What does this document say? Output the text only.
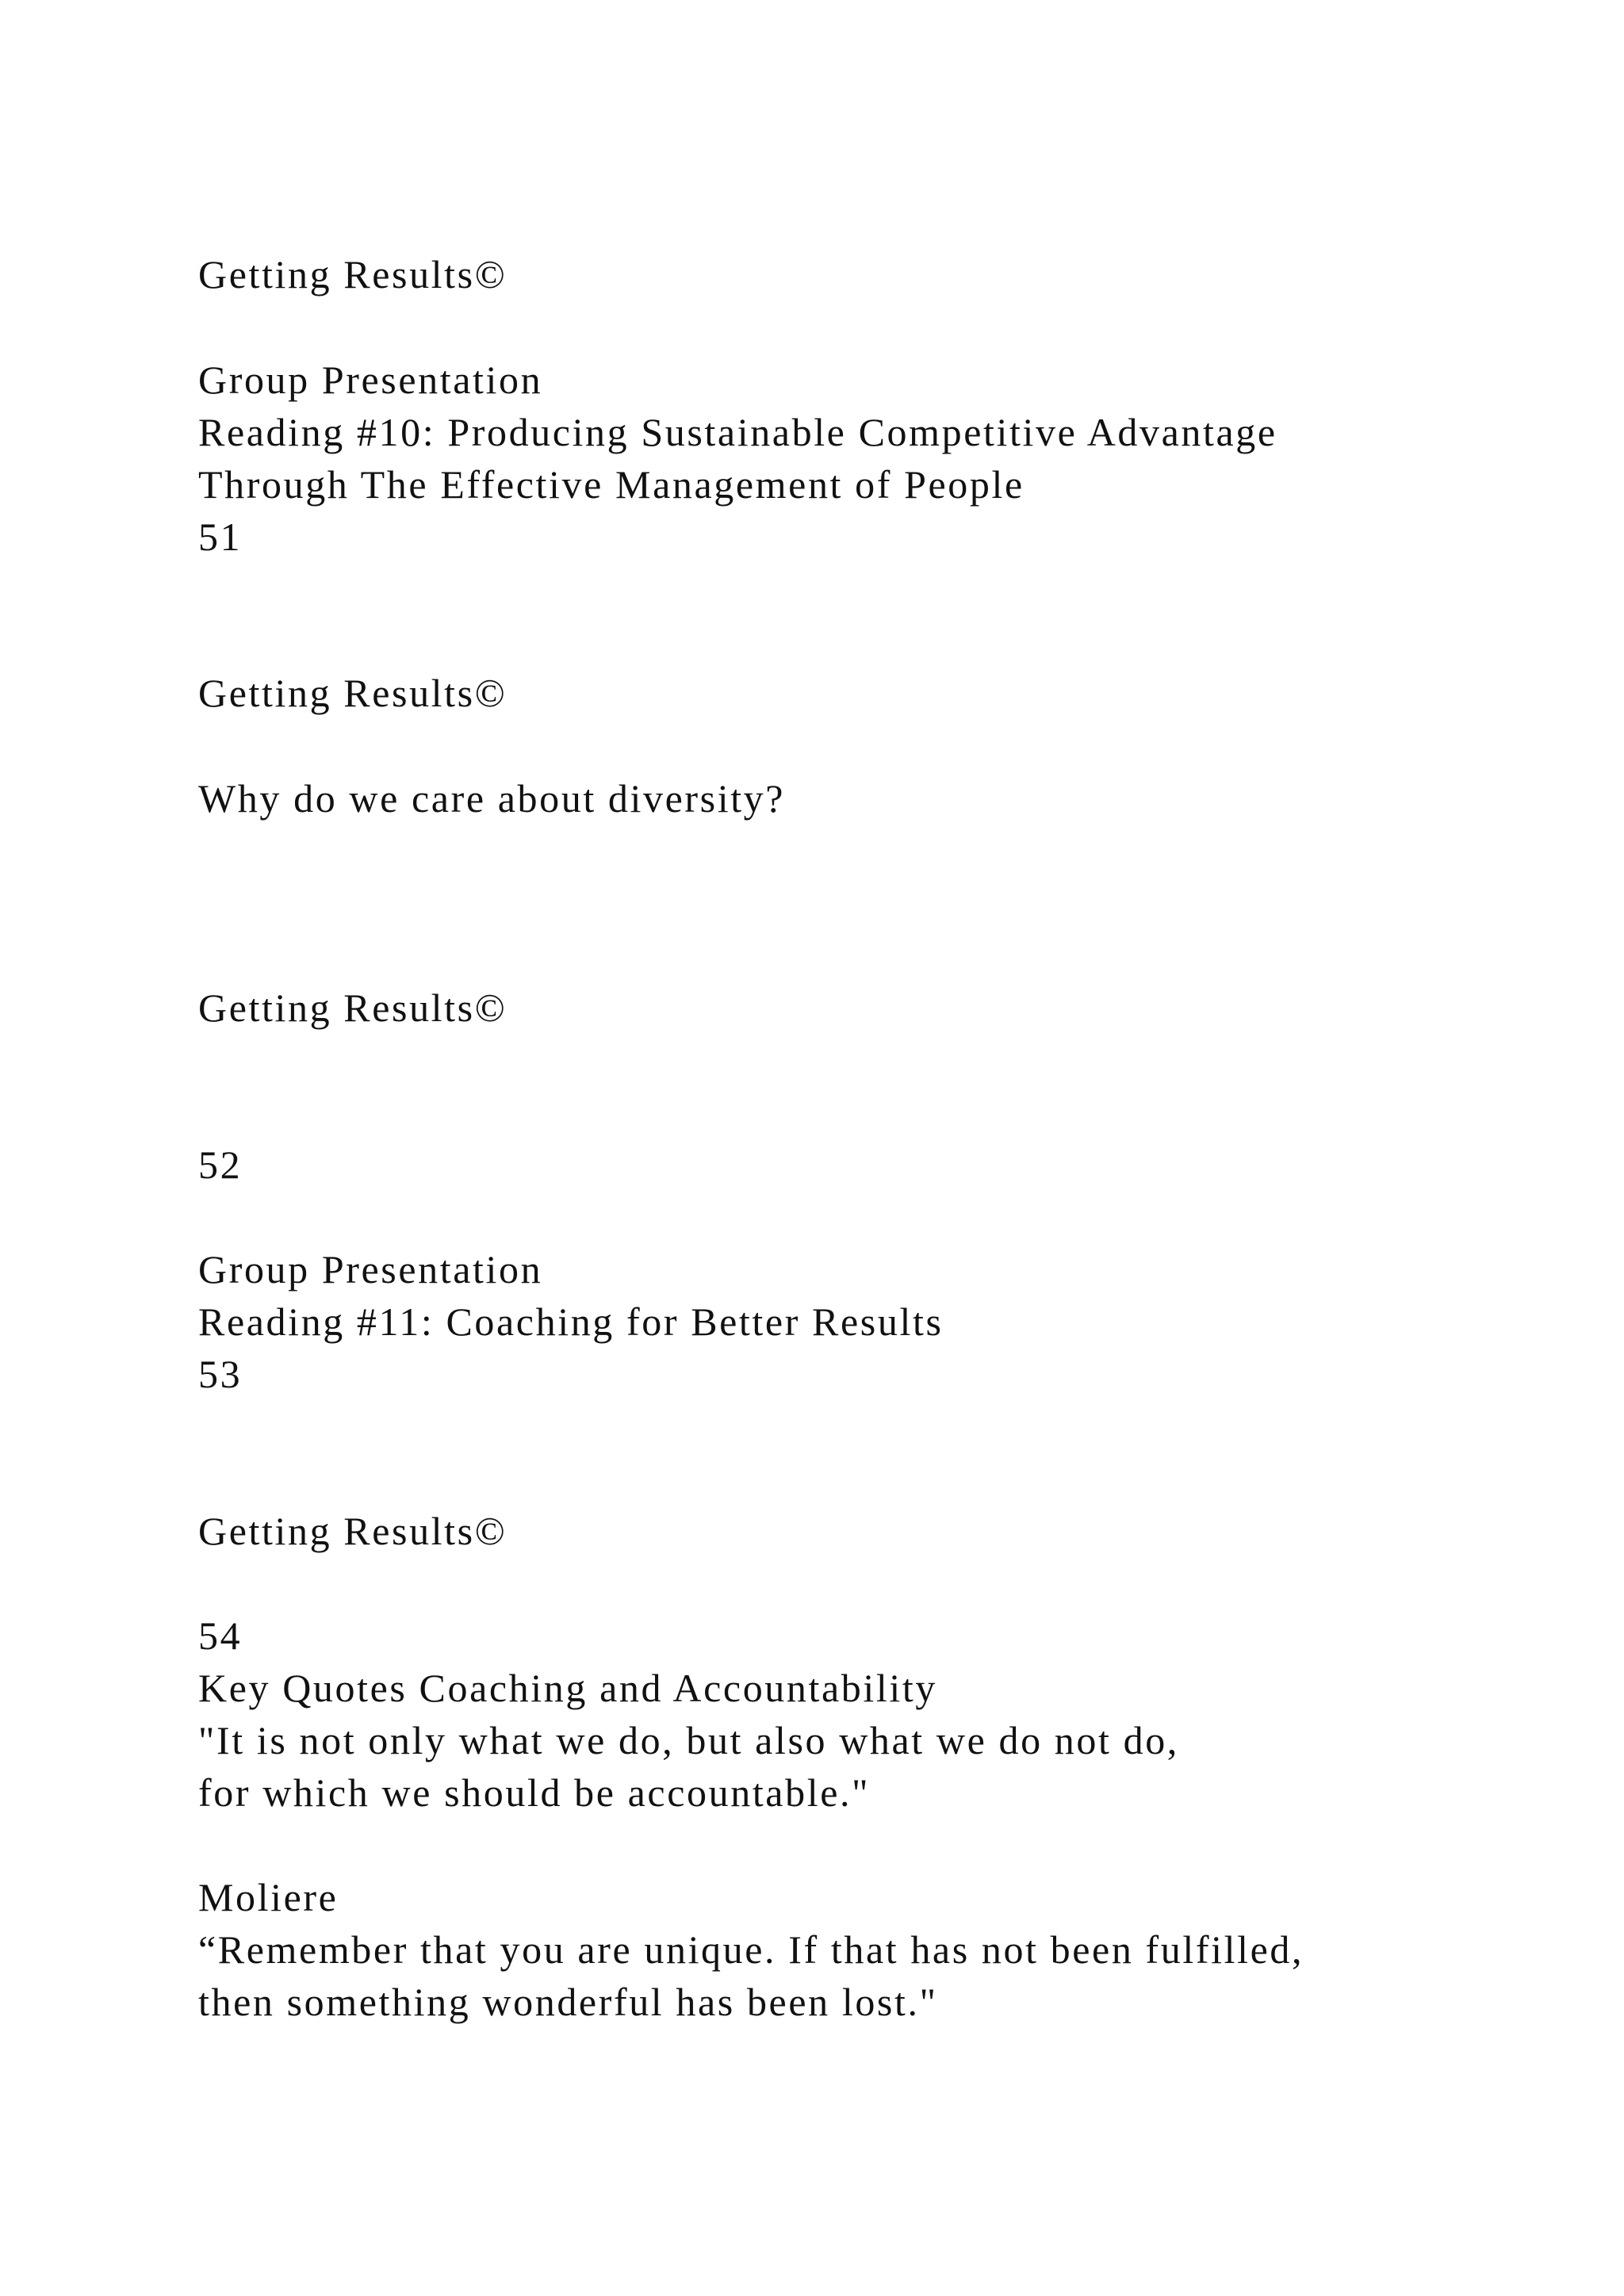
Getting Results©

Group Presentation

Reading #10: Producing Sustainable Competitive Advantage

Through The Effective Management of People

51

Getting Results©

Why do we care about diversity?

Getting Results©

52

Group Presentation

Reading #11: Coaching for Better Results

53

Getting Results©

54

Key Quotes Coaching and Accountability

"It is not only what we do, but also what we do not do,

for which we should be accountable."

Moliere

“Remember that you are unique. If that has not been fulfilled,

then something wonderful has been lost."
